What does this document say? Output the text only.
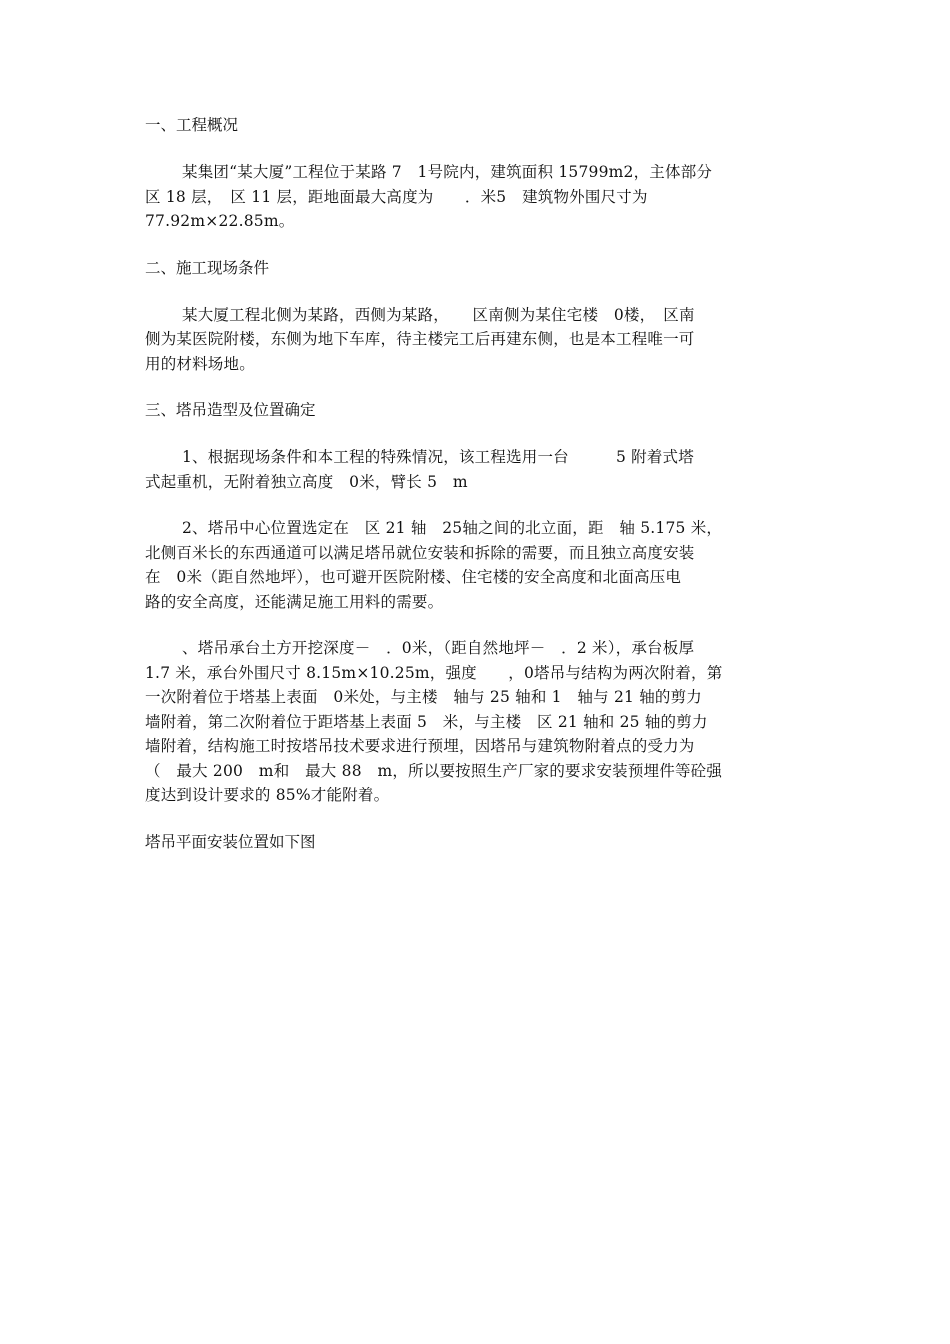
一、工程概况
某集团“某大厦”工程位于某路 7　1号院内，建筑面积 15799m2，主体部分
区 18 层，　区 11 层，距地面最大高度为　　．米5　建筑物外围尺寸为
77.92m×22.85m。
二、施工现场条件
某大厦工程北侧为某路，西侧为某路，　　区南侧为某住宅楼　0楼，　区南
侧为某医院附楼，东侧为地下车库，待主楼完工后再建东侧，也是本工程唯一可
用的材料场地。
三、塔吊造型及位置确定
1、根据现场条件和本工程的特殊情况，该工程选用一台　　　5 附着式塔
式起重机，无附着独立高度　0米，臂长 5　m
2、塔吊中心位置选定在　区 21 轴　25轴之间的北立面，距　轴 5.175 米，
北侧百米长的东西通道可以满足塔吊就位安装和拆除的需要，而且独立高度安装
在　0米（距自然地坪），也可避开医院附楼、住宅楼的安全高度和北面高压电
路的安全高度，还能满足施工用料的需要。
、塔吊承台土方开挖深度－　．0米，（距自然地坪－　．2 米），承台板厚
1.7 米，承台外围尺寸 8.15m×10.25m，强度　　，0塔吊与结构为两次附着，第
一次附着位于塔基上表面　0米处，与主楼　轴与 25 轴和 1　轴与 21 轴的剪力
墙附着，第二次附着位于距塔基上表面 5　米，与主楼　区 21 轴和 25 轴的剪力
墙附着，结构施工时按塔吊技术要求进行预埋，因塔吊与建筑物附着点的受力为
（　最大 200　m和　最大 88　m，所以要按照生产厂家的要求安装预埋件等砼强
度达到设计要求的 85%才能附着。
塔吊平面安装位置如下图
